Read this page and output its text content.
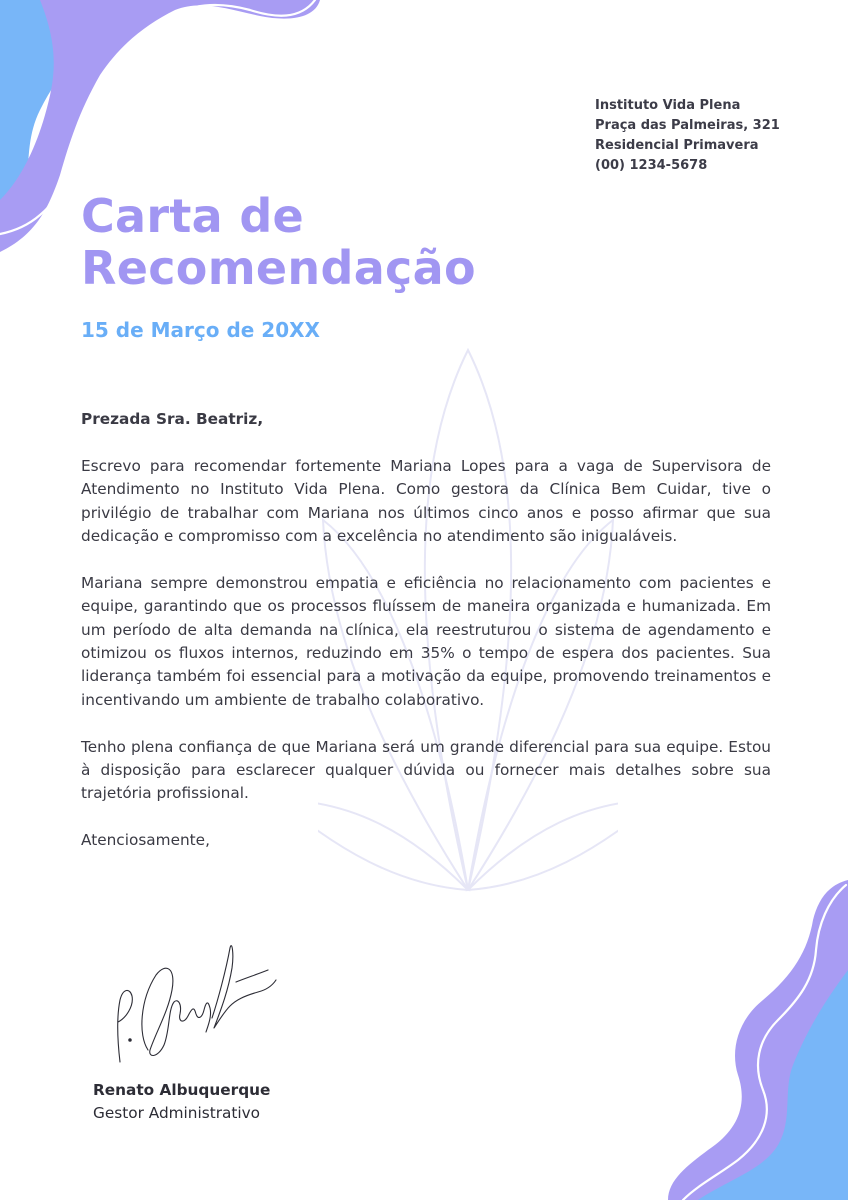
Instituto Vida Plena
Praça das Palmeiras, 321
Residencial Primavera
(00) 1234-5678
Carta de
Recomendação
15 de Março de 20XX

Prezada Sra. Beatriz,

Escrevo para recomendar fortemente Mariana Lopes para a vaga de Supervisora de Atendimento no Instituto Vida Plena. Como gestora da Clínica Bem Cuidar, tive o privilégio de trabalhar com Mariana nos últimos cinco anos e posso afirmar que sua dedicação e compromisso com a excelência no atendimento são inigualáveis.

Mariana sempre demonstrou empatia e eficiência no relacionamento com pacientes e equipe, garantindo que os processos fluíssem de maneira organizada e humanizada. Em um período de alta demanda na clínica, ela reestruturou o sistema de agendamento e otimizou os fluxos internos, reduzindo em 35% o tempo de espera dos pacientes. Sua liderança também foi essencial para a motivação da equipe, promovendo treinamentos e incentivando um ambiente de trabalho colaborativo.

Tenho plena confiança de que Mariana será um grande diferencial para sua equipe. Estou à disposição para esclarecer qualquer dúvida ou fornecer mais detalhes sobre sua trajetória profissional.

Atenciosamente,

Renato Albuquerque
Gestor Administrativo
